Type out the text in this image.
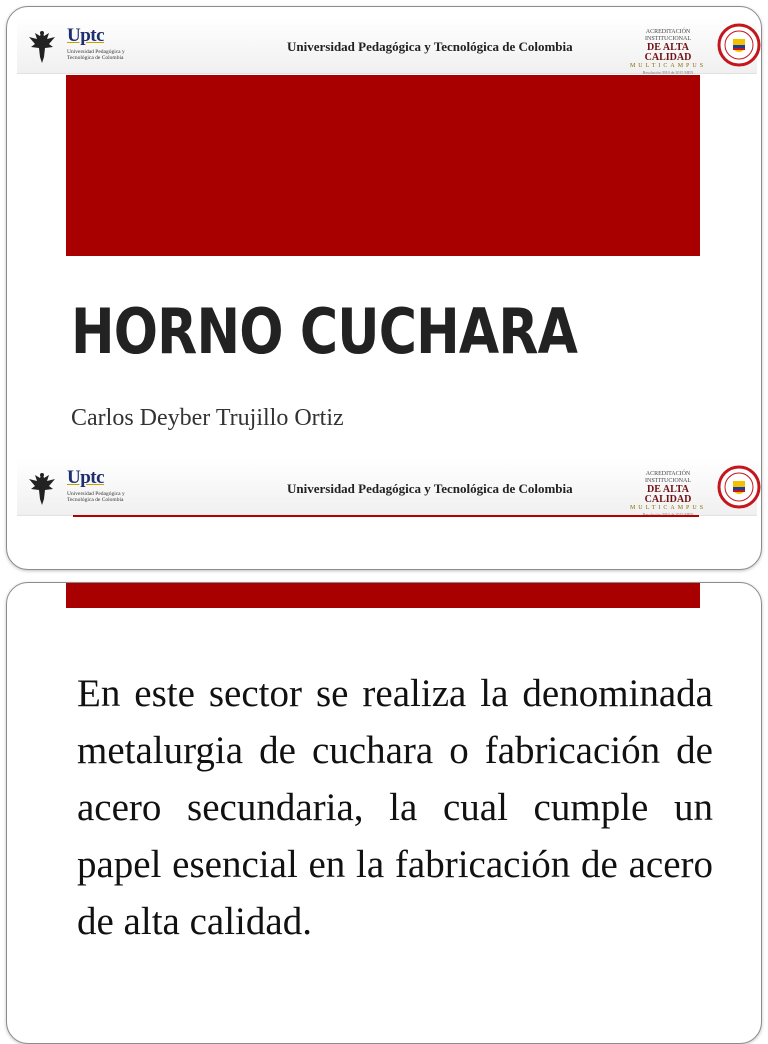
Uptc
Universidad Pedagógica y
Tecnológica de Colombia
Universidad Pedagógica y Tecnológica de Colombia
ACREDITACIÓN INSTITUCIONAL
DE ALTA CALIDAD
MULTICAMPUS
Resolución 3910 de 2015 MEN
HORNO CUCHARA
Carlos Deyber Trujillo Ortiz
Uptc
Universidad Pedagógica y
Tecnológica de Colombia
Universidad Pedagógica y Tecnológica de Colombia
ACREDITACIÓN INSTITUCIONAL
DE ALTA CALIDAD
MULTICAMPUS
En este sector se realiza la denominada metalurgia de cuchara o fabricación de acero secundaria, la cual cumple un papel esencial en la fabricación de acero de alta calidad.
